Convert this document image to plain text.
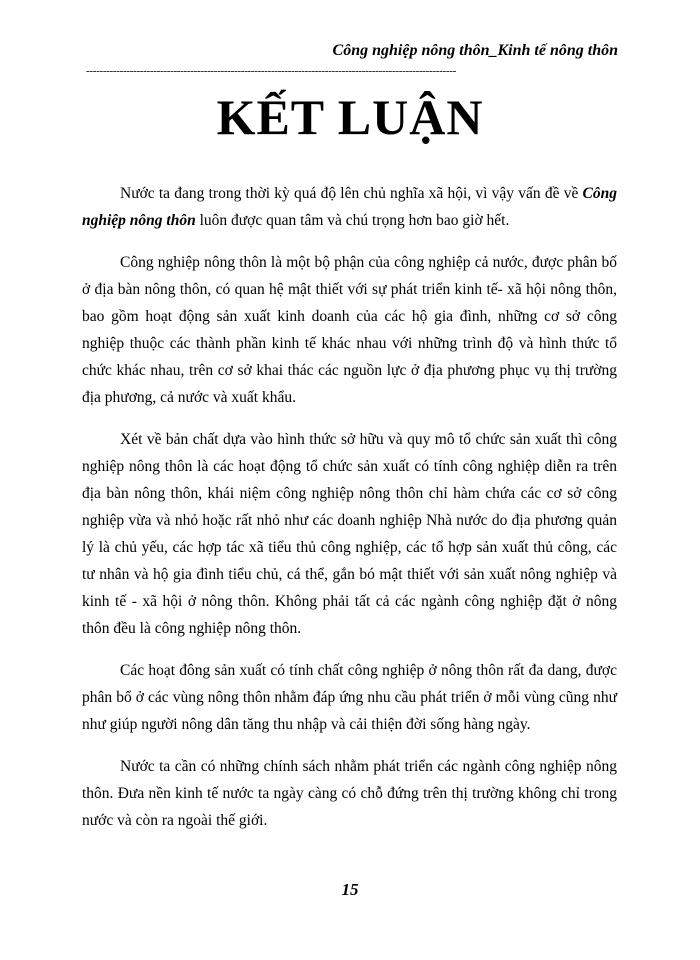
Công nghiệp nông thôn_Kinh tế nông thôn
--------------------------------------------------------------------------------------------------------------
KẾT LUẬN

Nước ta đang trong thời kỳ quá độ lên chủ nghĩa xã hội, vì vậy vấn đề về Công nghiệp nông thôn luôn được quan tâm và chú trọng hơn bao giờ hết.

Công nghiệp nông thôn là một bộ phận của công nghiệp cả nước, được phân bố ở địa bàn nông thôn, có quan hệ mật thiết với sự phát triển kinh tế- xã hội nông thôn, bao gồm hoạt động sản xuất kinh doanh của các hộ gia đình, những cơ sở công nghiệp thuộc các thành phần kinh tế khác nhau với những trình độ và hình thức tổ chức khác nhau, trên cơ sở khai thác các nguồn lực ở địa phương phục vụ thị trường địa phương, cả nước và xuất khẩu.

Xét về bản chất dựa vào hình thức sở hữu và quy mô tổ chức sản xuất thì công nghiệp nông thôn là các hoạt động tổ chức sản xuất có tính công nghiệp diễn ra trên địa bàn nông thôn, khái niệm công nghiệp nông thôn chỉ hàm chứa các cơ sở công nghiệp vừa và nhỏ hoặc rất nhỏ như các doanh nghiệp Nhà nước do địa phương quản lý là chủ yếu, các hợp tác xã tiểu thủ công nghiệp, các tổ hợp sản xuất thủ công, các tư nhân và hộ gia đình tiểu chủ, cá thể, gắn bó mật thiết với sản xuất nông nghiệp và kinh tế - xã hội ở nông thôn. Không phải tất cả các ngành công nghiệp đặt ở nông thôn đều là công nghiệp nông thôn.

Các hoạt đông sản xuất có tính chất công nghiệp ở nông thôn rất đa dang, được phân bổ ở các vùng nông thôn nhằm đáp ứng nhu cầu phát triển ở mỗi vùng cũng như như giúp người nông dân tăng thu nhập và cải thiện đời sống hàng ngày.

Nước ta cần có những chính sách nhằm phát triển các ngành công nghiệp nông thôn. Đưa nền kinh tế nước ta ngày càng có chỗ đứng trên thị trường không chỉ trong nước và còn ra ngoài thế giới.

15
